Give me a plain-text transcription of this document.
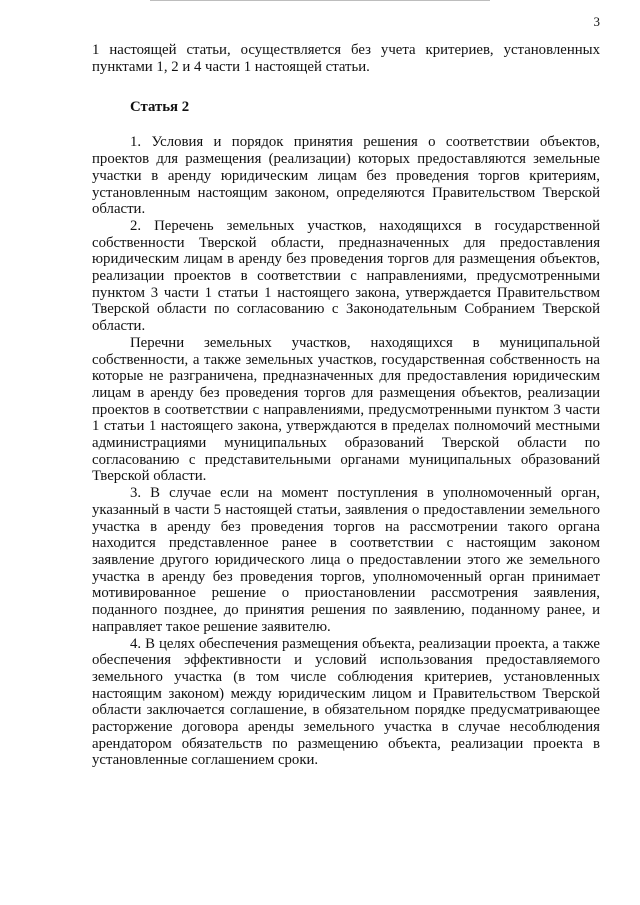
3

1 настоящей статьи, осуществляется без учета критериев, установленных пунктами 1, 2 и 4 части 1 настоящей статьи.

Статья 2

1. Условия и порядок принятия решения о соответствии объектов, проектов для размещения (реализации) которых предоставляются земельные участки в аренду юридическим лицам без проведения торгов критериям, установленным настоящим законом, определяются Правительством Тверской области.

2. Перечень земельных участков, находящихся в государственной собственности Тверской области, предназначенных для предоставления юридическим лицам в аренду без проведения торгов для размещения объектов, реализации проектов в соответствии с направлениями, предусмотренными пунктом 3 части 1 статьи 1 настоящего закона, утверждается Правительством Тверской области по согласованию с Законодательным Собранием Тверской области.

Перечни земельных участков, находящихся в муниципальной собственности, а также земельных участков, государственная собственность на которые не разграничена, предназначенных для предоставления юридическим лицам в аренду без проведения торгов для размещения объектов, реализации проектов в соответствии с направлениями, предусмотренными пунктом 3 части 1 статьи 1 настоящего закона, утверждаются в пределах полномочий местными администрациями муниципальных образований Тверской области по согласованию с представительными органами муниципальных образований Тверской области.

3. В случае если на момент поступления в уполномоченный орган, указанный в части 5 настоящей статьи, заявления о предоставлении земельного участка в аренду без проведения торгов на рассмотрении такого органа находится представленное ранее в соответствии с настоящим законом заявление другого юридического лица о предоставлении этого же земельного участка в аренду без проведения торгов, уполномоченный орган принимает мотивированное решение о приостановлении рассмотрения заявления, поданного позднее, до принятия решения по заявлению, поданному ранее, и направляет такое решение заявителю.

4. В целях обеспечения размещения объекта, реализации проекта, а также обеспечения эффективности и условий использования предоставляемого земельного участка (в том числе соблюдения критериев, установленных настоящим законом) между юридическим лицом и Правительством Тверской области заключается соглашение, в обязательном порядке предусматривающее расторжение договора аренды земельного участка в случае несоблюдения арендатором обязательств по размещению объекта, реализации проекта в установленные соглашением сроки.
